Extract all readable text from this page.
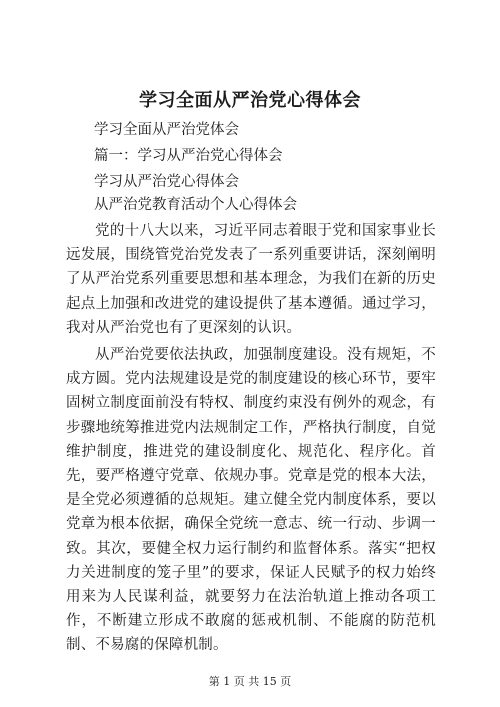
学习全面从严治党心得体会
学习全面从严治党体会
篇一：学习从严治党心得体会
学习从严治党心得体会
从严治党教育活动个人心得体会

党的十八大以来，习近平同志着眼于党和国家事业长远发展，围绕管党治党发表了一系列重要讲话，深刻阐明了从严治党系列重要思想和基本理念，为我们在新的历史起点上加强和改进党的建设提供了基本遵循。通过学习，我对从严治党也有了更深刻的认识。

从严治党要依法执政，加强制度建设。没有规矩，不成方圆。党内法规建设是党的制度建设的核心环节，要牢固树立制度面前没有特权、制度约束没有例外的观念，有步骤地统筹推进党内法规制定工作，严格执行制度，自觉维护制度，推进党的建设制度化、规范化、程序化。首先，要严格遵守党章、依规办事。党章是党的根本大法，是全党必须遵循的总规矩。建立健全党内制度体系，要以党章为根本依据，确保全党统一意志、统一行动、步调一致。其次，要健全权力运行制约和监督体系。落实“把权力关进制度的笼子里”的要求，保证人民赋予的权力始终用来为人民谋利益，就要努力在法治轨道上推动各项工作，不断建立形成不敢腐的惩戒机制、不能腐的防范机制、不易腐的保障机制。

第 1 页 共 15 页
